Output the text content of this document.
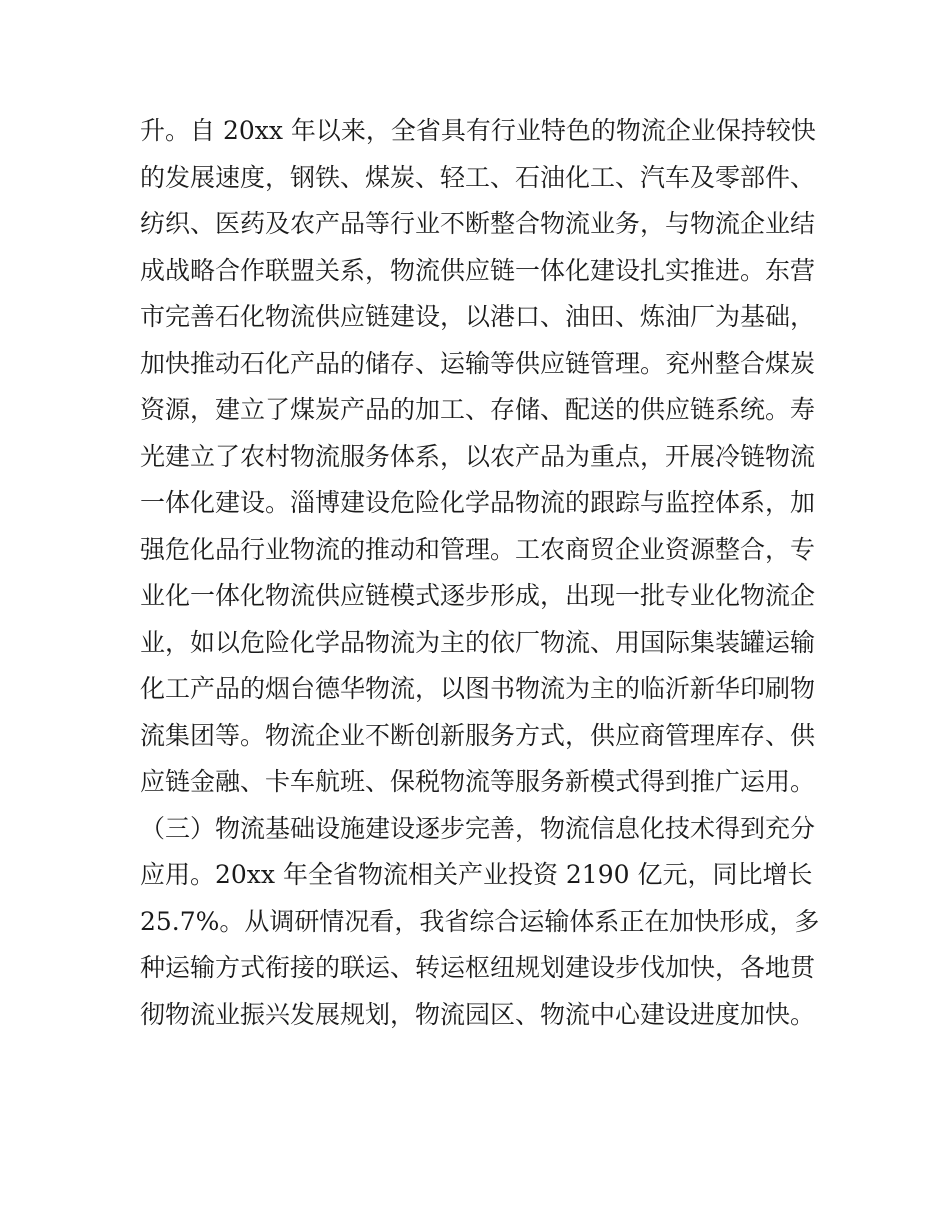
升。自 20xx 年以来，全省具有行业特色的物流企业保持较快
的发展速度，钢铁、煤炭、轻工、石油化工、汽车及零部件、
纺织、医药及农产品等行业不断整合物流业务，与物流企业结
成战略合作联盟关系，物流供应链一体化建设扎实推进。东营
市完善石化物流供应链建设，以港口、油田、炼油厂为基础，
加快推动石化产品的储存、运输等供应链管理。兖州整合煤炭
资源，建立了煤炭产品的加工、存储、配送的供应链系统。寿
光建立了农村物流服务体系，以农产品为重点，开展冷链物流
一体化建设。淄博建设危险化学品物流的跟踪与监控体系，加
强危化品行业物流的推动和管理。工农商贸企业资源整合，专
业化一体化物流供应链模式逐步形成，出现一批专业化物流企
业，如以危险化学品物流为主的依厂物流、用国际集装罐运输
化工产品的烟台德华物流，以图书物流为主的临沂新华印刷物
流集团等。物流企业不断创新服务方式，供应商管理库存、供
应链金融、卡车航班、保税物流等服务新模式得到推广运用。
（三）物流基础设施建设逐步完善，物流信息化技术得到充分
应用。20xx 年全省物流相关产业投资 2190 亿元，同比增长
25.7%。从调研情况看，我省综合运输体系正在加快形成，多
种运输方式衔接的联运、转运枢纽规划建设步伐加快，各地贯
彻物流业振兴发展规划，物流园区、物流中心建设进度加快。
